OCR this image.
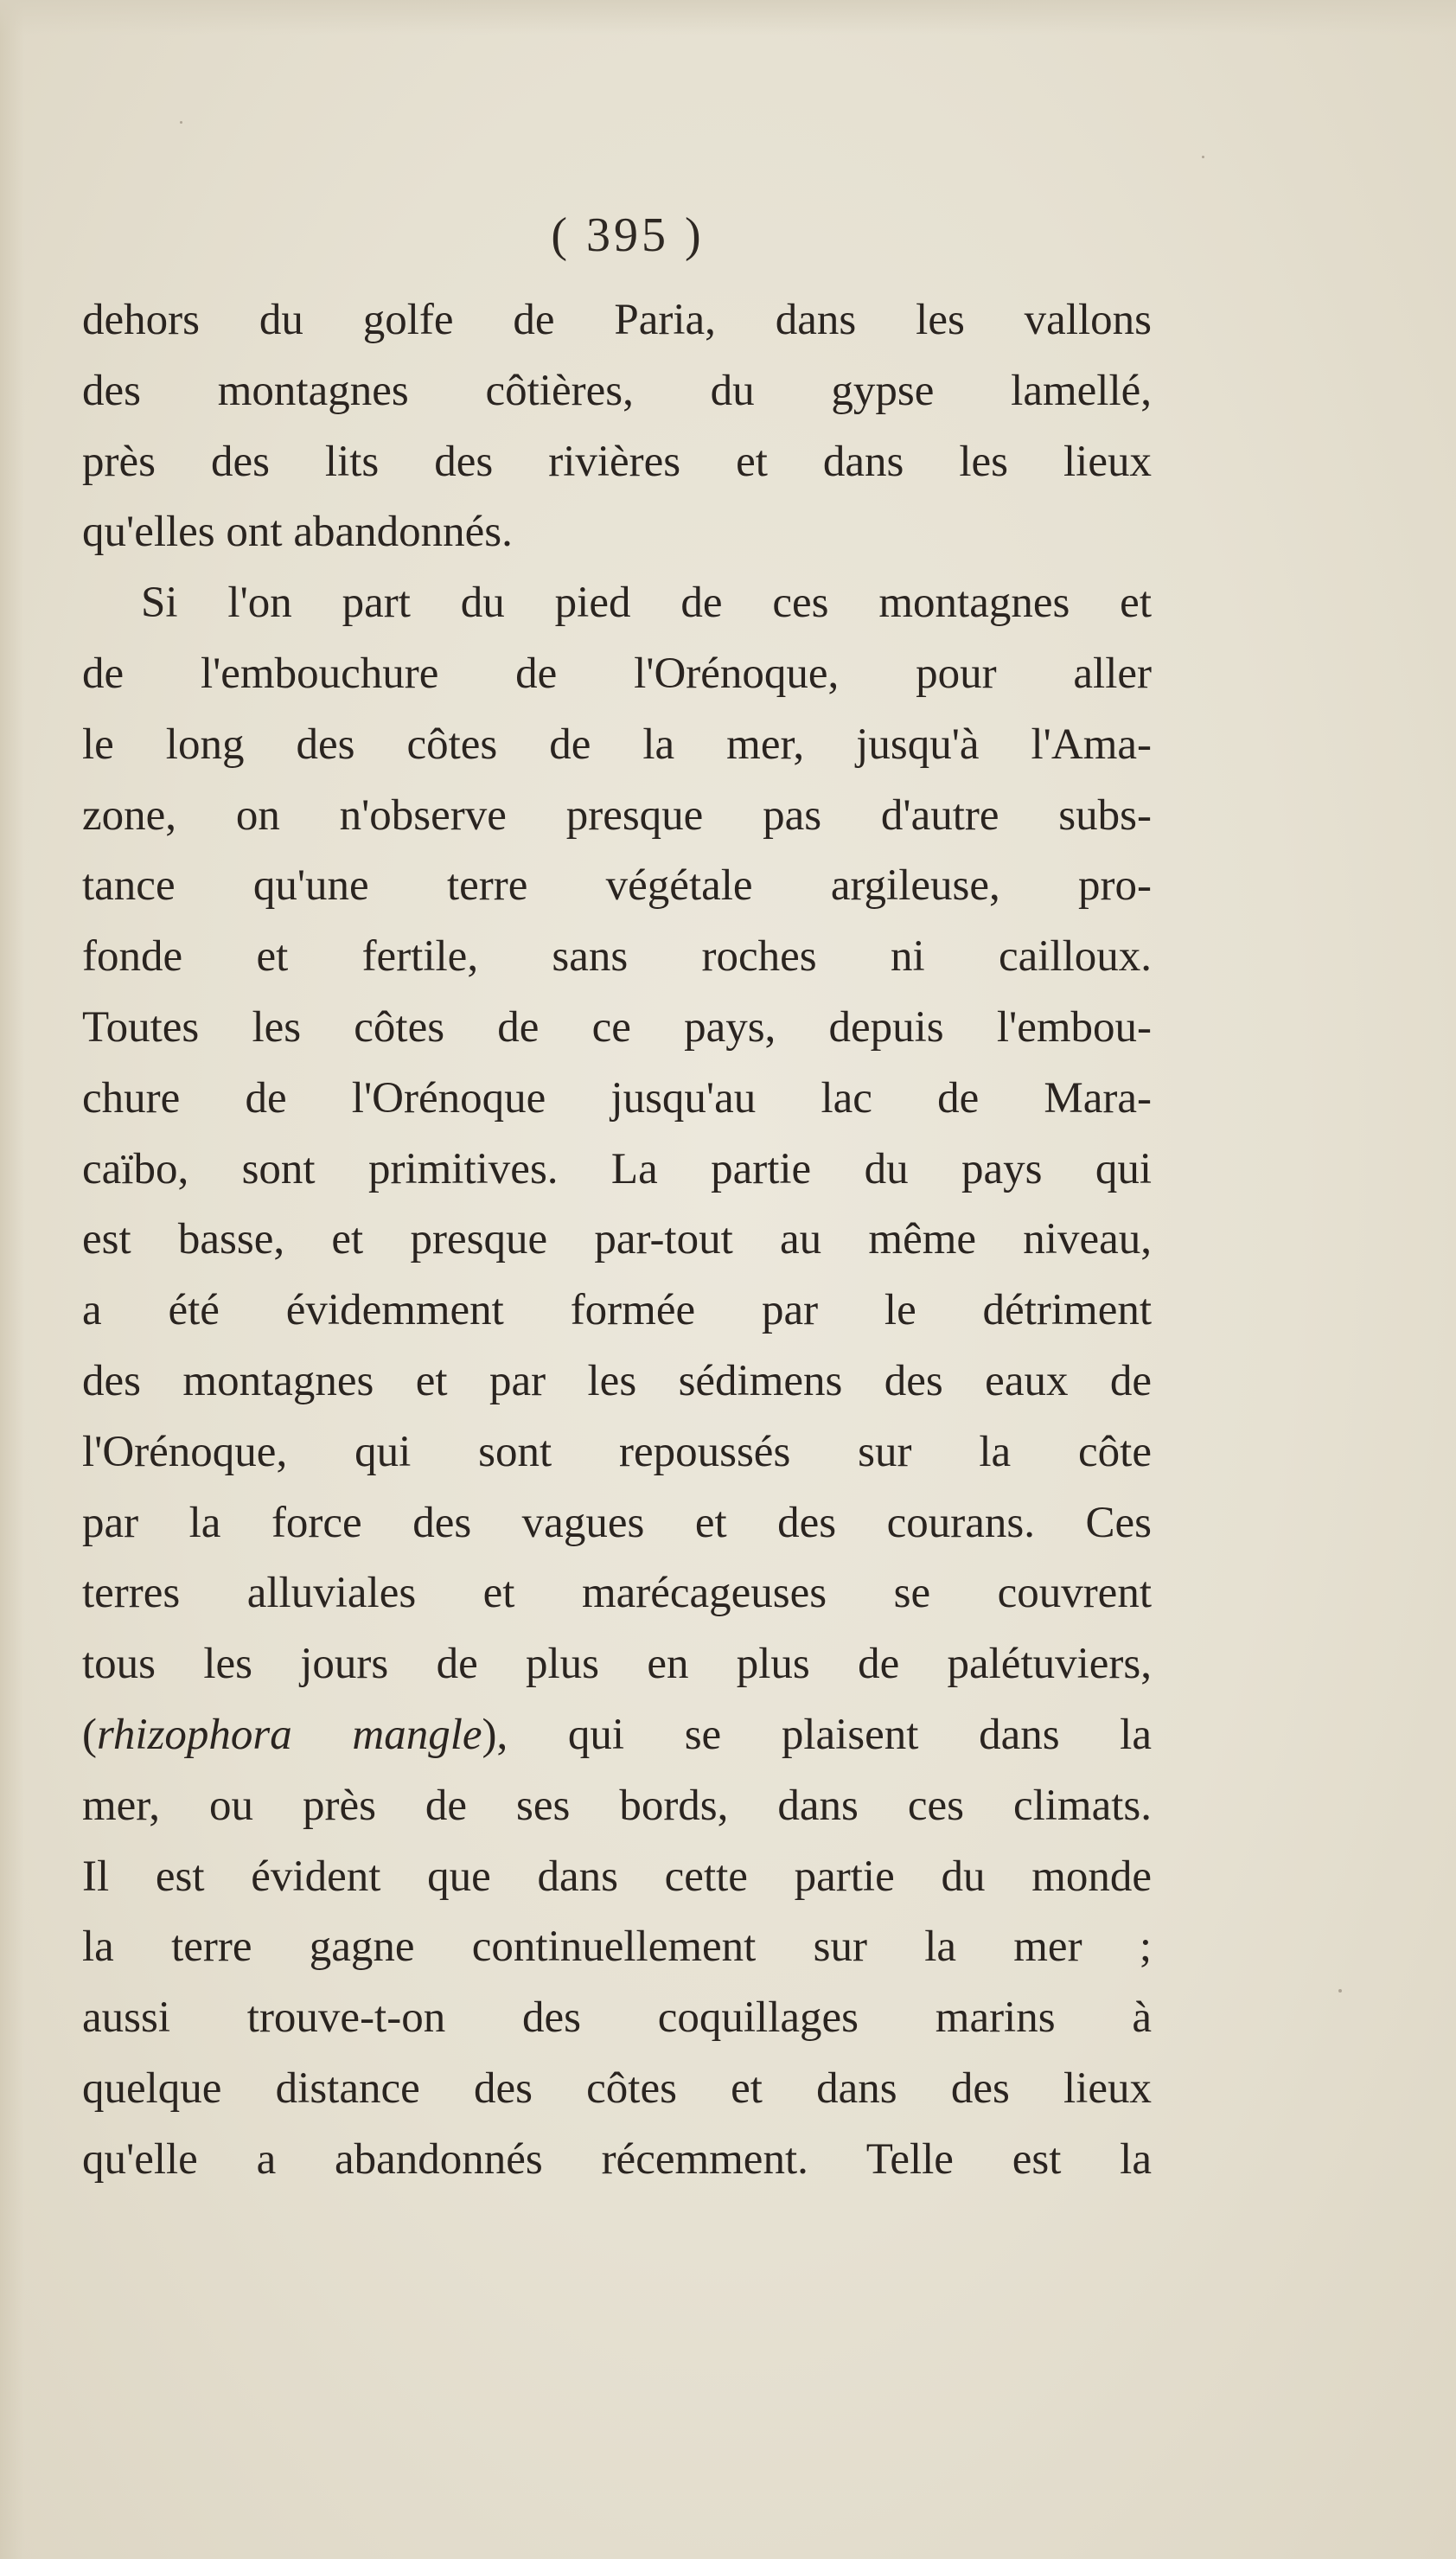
( 395 )
dehors du golfe de Paria, dans les vallons
des montagnes côtières, du gypse lamellé,
près des lits des rivières et dans les lieux
qu'elles ont abandonnés.
Si l'on part du pied de ces montagnes et
de l'embouchure de l'Orénoque, pour aller
le long des côtes de la mer, jusqu'à l'Ama-
zone, on n'observe presque pas d'autre subs-
tance qu'une terre végétale argileuse, pro-
fonde et fertile, sans roches ni cailloux.
Toutes les côtes de ce pays, depuis l'embou-
chure de l'Orénoque jusqu'au lac de Mara-
caïbo, sont primitives. La partie du pays qui
est basse, et presque par-tout au même niveau,
a été évidemment formée par le détriment
des montagnes et par les sédimens des eaux de
l'Orénoque, qui sont repoussés sur la côte
par la force des vagues et des courans. Ces
terres alluviales et marécageuses se couvrent
tous les jours de plus en plus de palétuviers,
(rhizophora mangle), qui se plaisent dans la
mer, ou près de ses bords, dans ces climats.
Il est évident que dans cette partie du monde
la terre gagne continuellement sur la mer ;
aussi trouve-t-on des coquillages marins à
quelque distance des côtes et dans des lieux
qu'elle a abandonnés récemment. Telle est la
